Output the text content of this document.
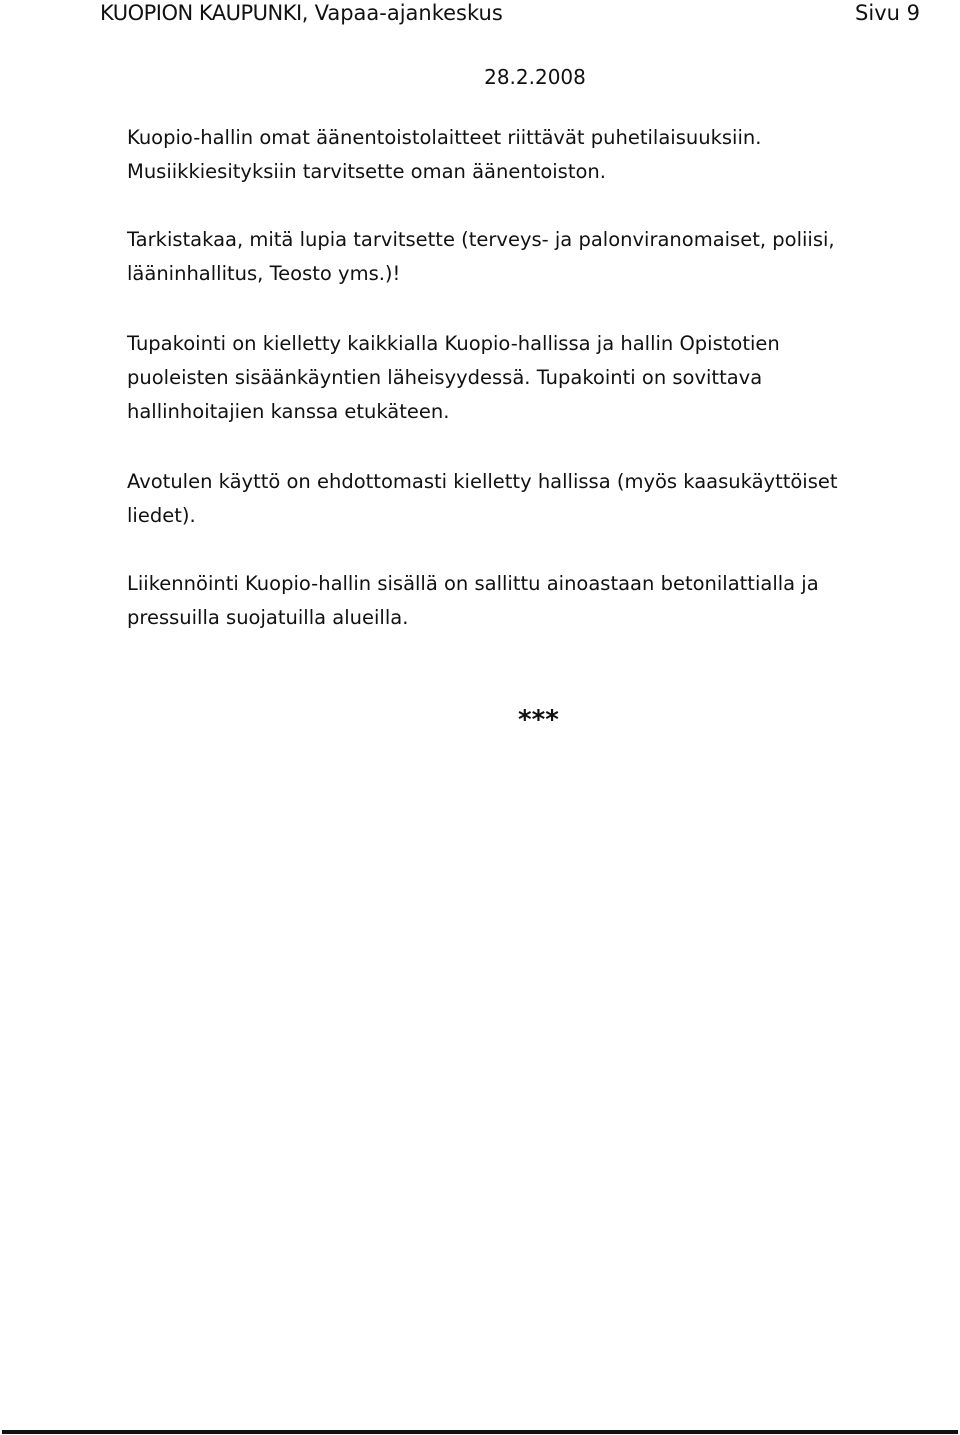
KUOPION KAUPUNKI, Vapaa-ajankeskus	Sivu 9
28.2.2008
Kuopio-hallin omat äänentoistolaitteet riittävät puhetilaisuuksiin.
Musiikkiesityksiin tarvitsette oman äänentoiston.
Tarkistakaa, mitä lupia tarvitsette (terveys- ja palonviranomaiset, poliisi,
lääninhallitus, Teosto yms.)!
Tupakointi on kielletty kaikkialla Kuopio-hallissa ja hallin Opistotien
puoleisten sisäänkäyntien läheisyydessä. Tupakointi on sovittava
hallinhoitajien kanssa etukäteen.
Avotulen käyttö on ehdottomasti kielletty hallissa (myös kaasukäyttöiset
liedet).
Liikennöinti Kuopio-hallin sisällä on sallittu ainoastaan betonilattialla ja
pressuilla suojatuilla alueilla.
***
